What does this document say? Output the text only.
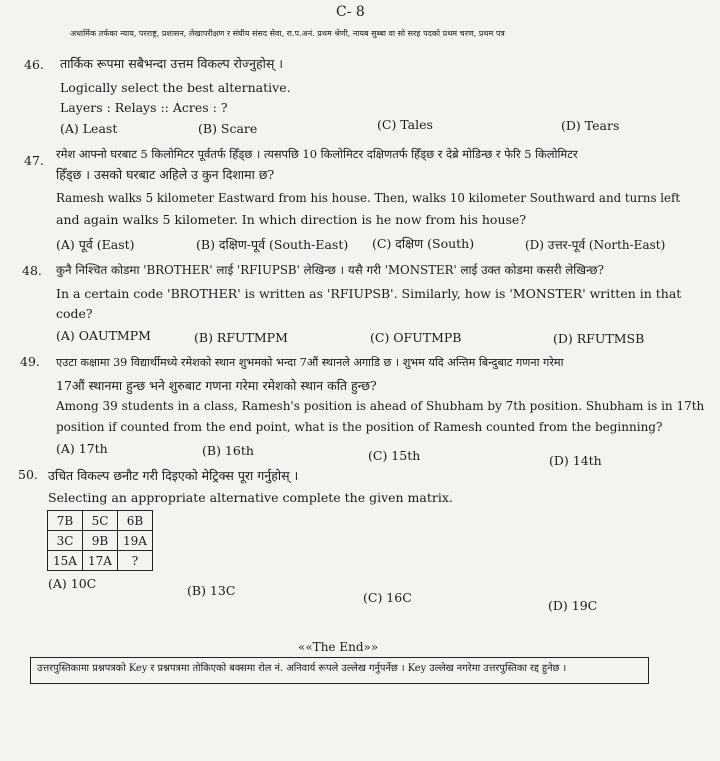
C- 8
अधार्मिक तर्फका न्याय, परराष्ट्र, प्रशासन, लेखापरीक्षण र संघीय संसद सेवा, रा.प.अनं. प्रथम श्रेणी, नायब सुब्बा वा सो सरह पदको प्रथम चरण, प्रथम पत्र
46. तार्किक रूपमा सबैभन्दा उत्तम विकल्प रोज्नुहोस् ।
Logically select the best alternative.
Layers : Relays :: Acres : ?
(A) Least	(B) Scare	(C) Tales	(D) Tears
47. रमेश आफ्नो घरबाट 5 किलोमिटर पूर्वतर्फ हिँड्छ । त्यसपछि 10 किलोमिटर दक्षिणतर्फ हिँड्छ र देब्रे मोडिन्छ र फेरि 5 किलोमिटर
हिँड्छ । उसको घरबाट अहिले उ कुन दिशामा छ?
Ramesh walks 5 kilometer Eastward from his house. Then, walks 10 kilometer Southward and turns left
and again walks 5 kilometer. In which direction is he now from his house?
(A) पूर्व (East)	(B) दक्षिण-पूर्व (South-East) (C) दक्षिण (South)	(D) उत्तर-पूर्व (North-East)
48. कुनै निश्चित कोडमा 'BROTHER' लाई 'RFIUPSB' लेखिन्छ । यसै गरी 'MONSTER' लाई उक्त कोडमा कसरी लेखिन्छ?
In a certain code 'BROTHER' is written as 'RFIUPSB'. Similarly, how is 'MONSTER' written in that
code?
(A) OAUTMPM	(B) RFUTMPM	(C) OFUTMPB	(D) RFUTMSB
49. एउटा कक्षामा 39 विद्यार्थीमध्ये रमेशको स्थान शुभमको भन्दा 7औं स्थानले अगाडि छ । शुभम यदि अन्तिम बिन्दुबाट गणना गरेमा
17औं स्थानमा हुन्छ भने शुरुबाट गणना गरेमा रमेशको स्थान कति हुन्छ?
Among 39 students in a class, Ramesh's position is ahead of Shubham by 7th position. Shubham is in 17th
position if counted from the end point, what is the position of Ramesh counted from the beginning?
(A) 17th	(B) 16th	(C) 15th	(D) 14th
50. उचित विकल्प छनौट गरी दिइएको मेट्रिक्स पूरा गर्नुहोस् ।
Selecting an appropriate alternative complete the given matrix.
7B	5C	6B
3C	9B	19A
15A	17A	?
(A) 10C	(B) 13C	(C) 16C
(D) 19C
««The End»»
उत्तरपुस्तिकामा प्रश्नपत्रको Key र प्रश्नपत्रमा तोकिएको बक्समा रोल नं. अनिवार्य रूपले उल्लेख गर्नुपर्नेछ । Key उल्लेख नगरेमा उत्तरपुस्तिका रद्द हुनेछ ।
